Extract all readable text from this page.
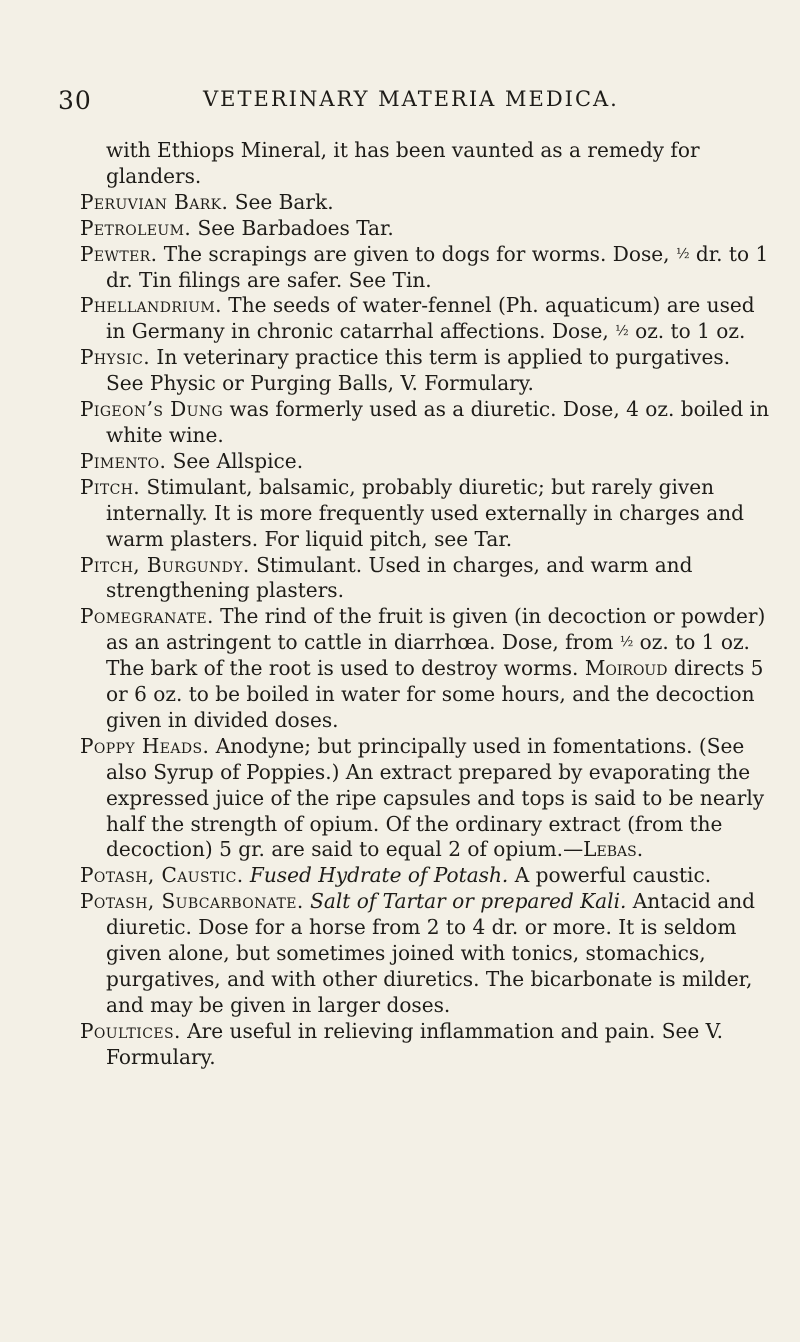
30	VETERINARY MATERIA MEDICA.

with Ethiops Mineral, it has been vaunted as a remedy for glanders.

Peruvian Bark. See Bark.

Petroleum. See Barbadoes Tar.

Pewter. The scrapings are given to dogs for worms. Dose, ½ dr. to 1 dr. Tin filings are safer. See Tin.

Phellandrium. The seeds of water-fennel (Ph. aquaticum) are used in Germany in chronic catarrhal affections. Dose, ½ oz. to 1 oz.

Physic. In veterinary practice this term is applied to purgatives. See Physic or Purging Balls, V. Formulary.

Pigeon’s Dung was formerly used as a diuretic. Dose, 4 oz. boiled in white wine.

Pimento. See Allspice.

Pitch. Stimulant, balsamic, probably diuretic; but rarely given internally. It is more frequently used externally in charges and warm plasters. For liquid pitch, see Tar.

Pitch, Burgundy. Stimulant. Used in charges, and warm and strengthening plasters.

Pomegranate. The rind of the fruit is given (in decoction or powder) as an astringent to cattle in diarrhœa. Dose, from ½ oz. to 1 oz. The bark of the root is used to destroy worms. Moiroud directs 5 or 6 oz. to be boiled in water for some hours, and the decoction given in divided doses.

Poppy Heads. Anodyne; but principally used in fomentations. (See also Syrup of Poppies.) An extract prepared by evaporating the expressed juice of the ripe capsules and tops is said to be nearly half the strength of opium. Of the ordinary extract (from the decoction) 5 gr. are said to equal 2 of opium.—Lebas.

Potash, Caustic. Fused Hydrate of Potash. A powerful caustic.

Potash, Subcarbonate. Salt of Tartar or prepared Kali. Antacid and diuretic. Dose for a horse from 2 to 4 dr. or more. It is seldom given alone, but sometimes joined with tonics, stomachics, purgatives, and with other diuretics. The bicarbonate is milder, and may be given in larger doses.

Poultices. Are useful in relieving inflammation and pain. See V. Formulary.
